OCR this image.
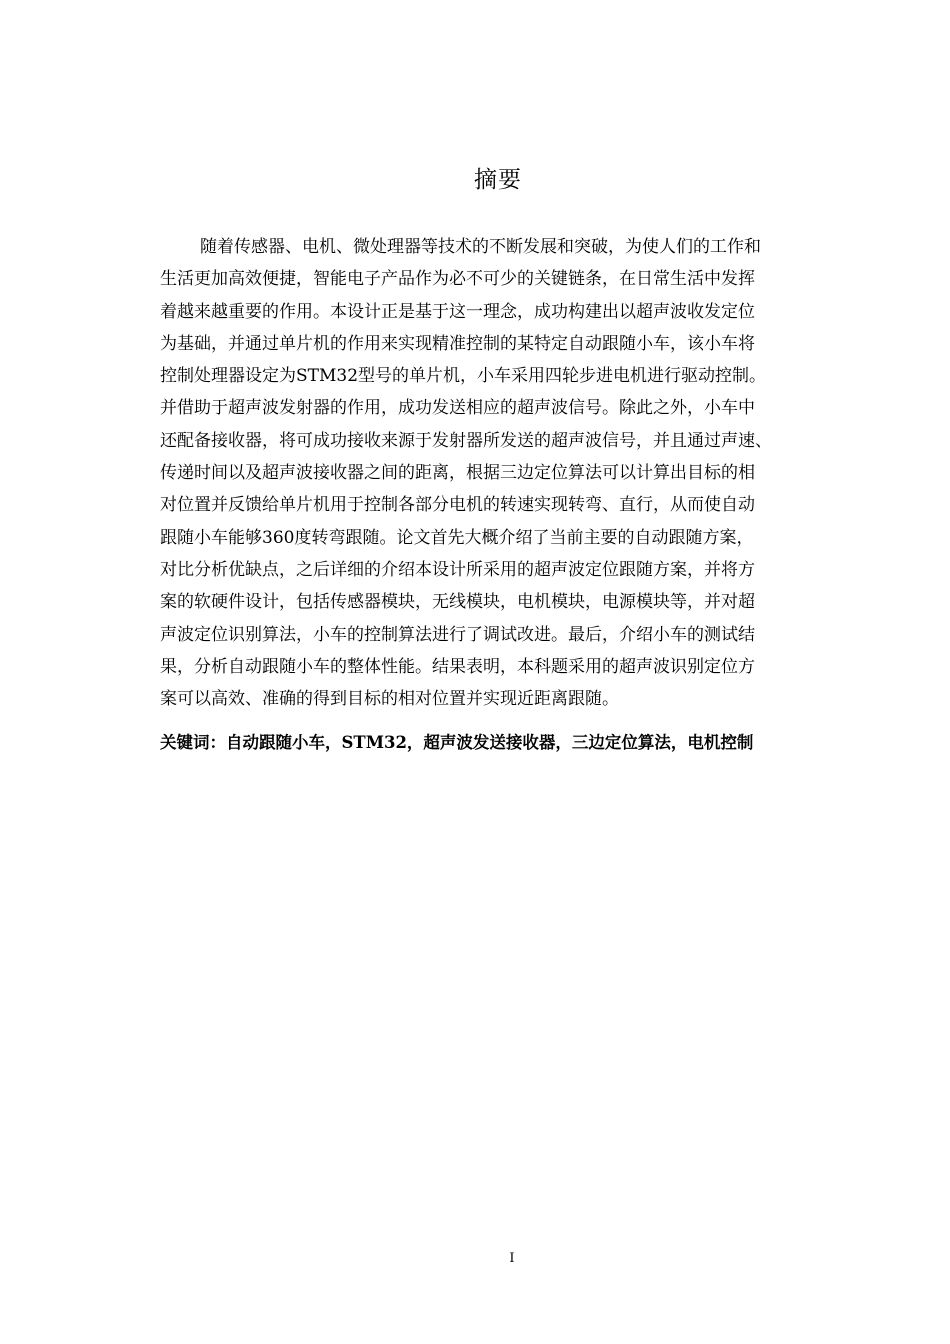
摘要
随着传感器、电机、微处理器等技术的不断发展和突破，为使人们的工作和
生活更加高效便捷，智能电子产品作为必不可少的关键链条，在日常生活中发挥
着越来越重要的作用。本设计正是基于这一理念，成功构建出以超声波收发定位
为基础，并通过单片机的作用来实现精准控制的某特定自动跟随小车，该小车将
控制处理器设定为STM32型号的单片机，小车采用四轮步进电机进行驱动控制。
并借助于超声波发射器的作用，成功发送相应的超声波信号。除此之外，小车中
还配备接收器，将可成功接收来源于发射器所发送的超声波信号，并且通过声速、
传递时间以及超声波接收器之间的距离，根据三边定位算法可以计算出目标的相
对位置并反馈给单片机用于控制各部分电机的转速实现转弯、直行，从而使自动
跟随小车能够360度转弯跟随。论文首先大概介绍了当前主要的自动跟随方案，
对比分析优缺点，之后详细的介绍本设计所采用的超声波定位跟随方案，并将方
案的软硬件设计，包括传感器模块，无线模块，电机模块，电源模块等，并对超
声波定位识别算法，小车的控制算法进行了调试改进。最后，介绍小车的测试结
果，分析自动跟随小车的整体性能。结果表明，本科题采用的超声波识别定位方
案可以高效、准确的得到目标的相对位置并实现近距离跟随。
关键词：自动跟随小车，STM32，超声波发送接收器，三边定位算法，电机控制
I
